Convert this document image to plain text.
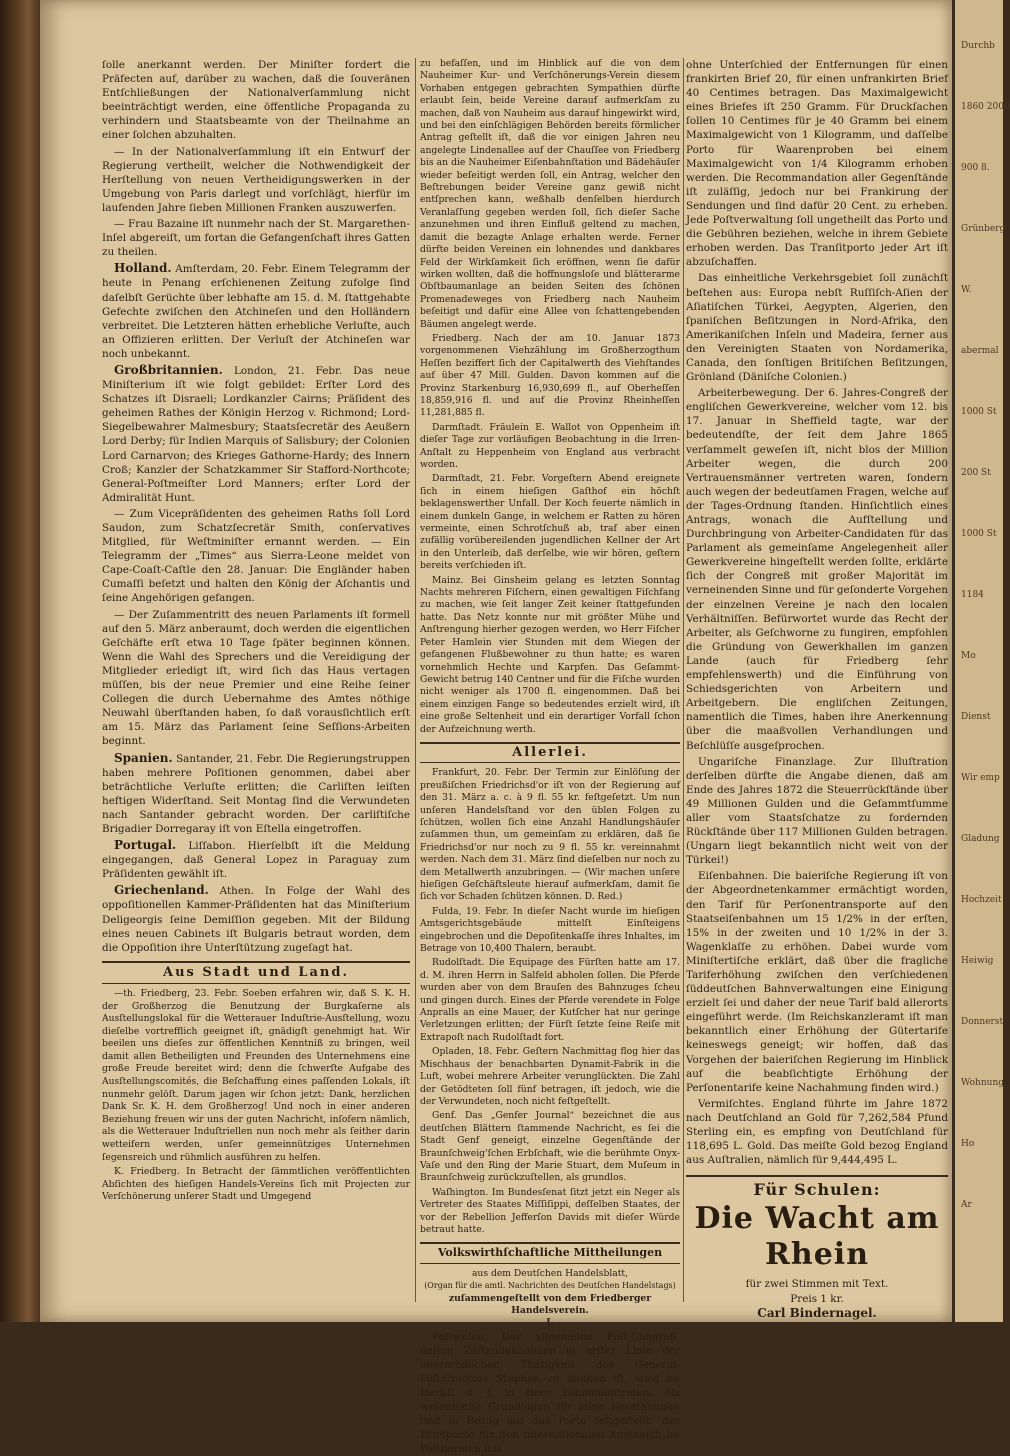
ſolle anerkannt werden. Der Miniſter fordert die Präfecten auf, darüber zu wachen, daß die ſouveränen Entſchließungen der Nationalverſammlung nicht beeinträchtigt werden, eine öffentliche Propaganda zu verhindern und Staatsbeamte von der Theilnahme an einer ſolchen abzuhalten.

— In der Nationalverſammlung iſt ein Entwurf der Regierung vertheilt, welcher die Nothwendigkeit der Herſtellung von neuen Vertheidigungswerken in der Umgebung von Paris darlegt und vorſchlägt, hierfür im laufenden Jahre ſieben Millionen Franken auszuwerfen.

— Frau Bazaine iſt nunmehr nach der St. Margarethen-Inſel abgereiſt, um fortan die Gefangenſchaft ihres Gatten zu theilen.

Holland. Amſterdam, 20. Febr. Einem Telegramm der heute in Penang erſchienenen Zeitung zufolge ſind daſelbſt Gerüchte über lebhafte am 15. d. M. ſtattgehabte Gefechte zwiſchen den Atchineſen und den Holländern verbreitet. Die Letzteren hätten erhebliche Verluſte, auch an Offizieren erlitten. Der Verluſt der Atchineſen war noch unbekannt.

Großbritannien. London, 21. Febr. Das neue Miniſterium iſt wie folgt gebildet: Erſter Lord des Schatzes iſt Disraeli; Lordkanzler Cairns; Präſident des geheimen Rathes der Königin Herzog v. Richmond; Lord-Siegelbewahrer Malmesbury; Staatsſecretär des Aeußern Lord Derby; für Indien Marquis of Salisbury; der Colonien Lord Carnarvon; des Krieges Gathorne-Hardy; des Innern Croß; Kanzler der Schatzkammer Sir Stafford-Northcote; General-Poſtmeiſter Lord Manners; erſter Lord der Admiralität Hunt.

— Zum Vicepräſidenten des geheimen Raths ſoll Lord Saudon, zum Schatzſecretär Smith, conſervatives Mitglied, für Weſtminiſter ernannt werden. — Ein Telegramm der „Times“ aus Sierra-Leone meldet von Cape-Coaſt-Caſtle den 28. Januar: Die Engländer haben Cumaſſi beſetzt und halten den König der Aſchantis und ſeine Angehörigen gefangen.

— Der Zuſammentritt des neuen Parlaments iſt formell auf den 5. März anberaumt, doch werden die eigentlichen Geſchäfte erſt etwa 10 Tage ſpäter beginnen können. Wenn die Wahl des Sprechers und die Vereidigung der Mitglieder erledigt iſt, wird ſich das Haus vertagen müſſen, bis der neue Premier und eine Reihe ſeiner Collegen die durch Uebernahme des Amtes nöthige Neuwahl überſtanden haben, ſo daß vorausſichtlich erſt am 15. März das Parlament ſeine Seſſions-Arbeiten beginnt.

Spanien. Santander, 21. Febr. Die Regierungstruppen haben mehrere Poſitionen genommen, dabei aber beträchtliche Verluſte erlitten; die Carliſten leiſten heftigen Widerſtand. Seit Montag ſind die Verwundeten nach Santander gebracht worden. Der carliſtiſche Brigadier Dorregaray iſt von Eſtella eingetroffen.

Portugal. Liſſabon. Hierſelbſt iſt die Meldung eingegangen, daß General Lopez in Paraguay zum Präſidenten gewählt iſt.

Griechenland. Athen. In Folge der Wahl des oppoſitionellen Kammer-Präſidenten hat das Miniſterium Deligeorgis ſeine Demiſſion gegeben. Mit der Bildung eines neuen Cabinets iſt Bulgaris betraut worden, dem die Oppoſition ihre Unterſtützung zugeſagt hat.

Aus Stadt und Land.

—th. Friedberg, 23. Febr. Soeben erfahren wir, daß S. K. H. der Großherzog die Benutzung der Burgkaſerne als Ausſtellungslokal für die Wetterauer Induſtrie-Ausſtellung, wozu dieſelbe vortrefflich geeignet iſt, gnädigſt genehmigt hat. Wir beeilen uns dieſes zur öffentlichen Kenntniß zu bringen, weil damit allen Betheiligten und Freunden des Unternehmens eine große Freude bereitet wird; denn die ſchwerſte Aufgabe des Ausſtellungscomités, die Beſchaffung eines paſſenden Lokals, iſt nunmehr gelöſt. Darum jagen wir ſchon jetzt: Dank, herzlichen Dank Sr. K. H. dem Großherzog! Und noch in einer anderen Beziehung freuen wir uns der guten Nachricht, inſofern nämlich, als die Wetterauer Induſtriellen nun noch mehr als ſeither darin wetteifern werden, unſer gemeinnütziges Unternehmen ſegensreich und rühmlich ausführen zu helfen.

K. Friedberg. In Betracht der ſämmtlichen veröffentlichten Abſichten des hieſigen Handels-Vereins ſich mit Projecten zur Verſchönerung unſerer Stadt und Umgegend

zu befaſſen, und im Hinblick auf die von dem Nauheimer Kur- und Verſchönerungs-Verein diesem Vorhaben entgegen gebrachten Sympathien dürfte erlaubt ſein, beide Vereine darauf aufmerkſam zu machen, daß von Nauheim aus darauf hingewirkt wird, und bei den einſchlägigen Behörden bereits förmlicher Antrag geſtellt iſt, daß die vor einigen Jahren neu angelegte Lindenallee auf der Chauſſee von Friedberg bis an die Nauheimer Eiſenbahnſtation und Bädehäuſer wieder beſeitigt werden ſoll, ein Antrag, welcher den Beſtrebungen beider Vereine ganz gewiß nicht entſprechen kann, weßhalb denſelben hierdurch Veranlaſſung gegeben werden ſoll, ſich dieſer Sache anzunehmen und ihren Einfluß geltend zu machen, damit die bezagte Anlage erhalten werde. Ferner dürfte beiden Vereinen ein lohnendes und dankbares Feld der Wirkſamkeit ſich eröffnen, wenn ſie dafür wirken wollten, daß die hoffnungsloſe und blätterarme Obſtbaumanlage an beiden Seiten des ſchönen Promenadeweges von Friedberg nach Nauheim beſeitigt und dafür eine Allee von ſchattengebenden Bäumen angelegt werde.

Friedberg. Nach der am 10. Januar 1873 vorgenommenen Viehzählung im Großherzogthum Heſſen beziffert ſich der Capitalwerth des Viehſtandes auf über 47 Mill. Gulden. Davon kommen auf die Provinz Starkenburg 16,930,699 fl., auf Oberheſſen 18,859,916 fl. und auf die Provinz Rheinheſſen 11,281,885 fl.

Darmſtadt. Fräulein E. Wallot von Oppenheim iſt dieſer Tage zur vorläufigen Beobachtung in die Irren-Anſtalt zu Heppenheim von England aus verbracht worden.

Darmſtadt, 21. Febr. Vorgeſtern Abend ereignete ſich in einem hieſigen Gaſthof ein höchſt beklagenswerther Unfall. Der Koch feuerte nämlich in einem dunkeln Gange, in welchem er Ratten zu hören vermeinte, einen Schrotſchuß ab, traf aber einen zufällig vorübereilenden jugendlichen Kellner der Art in den Unterleib, daß derſelbe, wie wir hören, geſtern bereits verſchieden iſt.

Mainz. Bei Ginsheim gelang es letzten Sonntag Nachts mehreren Fiſchern, einen gewaltigen Fiſchfang zu machen, wie ſeit langer Zeit keiner ſtattgefunden hatte. Das Netz konnte nur mit größter Mühe und Anſtrengung hierher gezogen werden, wo Herr Fiſcher Peter Hamlein vier Stunden mit dem Wiegen der gefangenen Flußbewohner zu thun hatte; es waren vornehmlich Hechte und Karpfen. Das Geſammt-Gewicht betrug 140 Centner und für die Fiſche wurden nicht weniger als 1700 fl. eingenommen. Daß bei einem einzigen Fange so bedeutendes erzielt wird, iſt eine große Seltenheit und ein derartiger Vorfall ſchon der Aufzeichnung werth.

Allerlei.

Frankfurt, 20. Febr. Der Termin zur Einlöſung der preußiſchen Friedrichsd'or iſt von der Regierung auf den 31. März a. c. à 9 fl. 55 kr. feſtgeſetzt. Um nun unſeren Handelsſtand vor den üblen Folgen zu ſchützen, wollen ſich eine Anzahl Handlungshäuſer zuſammen thun, um gemeinſam zu erklären, daß ſie Friedrichsd'or nur noch zu 9 fl. 55 kr. vereinnahmt werden. Nach dem 31. März ſind dieſelben nur noch zu dem Metallwerth anzubringen. — (Wir machen unſere hieſigen Geſchäftsleute hierauf aufmerkſam, damit ſie ſich vor Schaden ſchützen können. D. Red.)

Fulda, 19. Febr. In dieſer Nacht wurde im hieſigen Amtsgerichtsgebäude mittelſt Einſteigens eingebrochen und die Depoſitenkaſſe ihres Inhaltes, im Betrage von 10,400 Thalern, beraubt.

Rudolſtadt. Die Equipage des Fürſten hatte am 17. d. M. ihren Herrn in Salfeld abholen ſollen. Die Pferde wurden aber von dem Brauſen des Bahnzuges ſcheu und gingen durch. Eines der Pferde verendete in Folge Anpralls an eine Mauer, der Kutſcher hat nur geringe Verletzungen erlitten; der Fürſt ſetzte ſeine Reiſe mit Extrapoſt nach Rudolſtadt fort.

Opladen, 18. Febr. Geſtern Nachmittag flog hier das Mischhaus der benachbarten Dynamit-Fabrik in die Luft, wobei mehrere Arbeiter verunglückten. Die Zahl der Getödteten ſoll fünf betragen, iſt jedoch, wie die der Verwundeten, noch nicht feſtgeſtellt.

Genf. Das „Genfer Journal“ bezeichnet die aus deutſchen Blättern ſtammende Nachricht, es ſei die Stadt Genf geneigt, einzelne Gegenſtände der Braunſchweig'ſchen Erbſchaft, wie die berühmte Onyx-Vaſe und den Ring der Marie Stuart, dem Muſeum in Braunſchweig zurückzuſtellen, als grundlos.

Waſhington. Im Bundesſenat ſitzt jetzt ein Neger als Vertreter des Staates Miſſiſippi, deſſelben Staates, der vor der Rebellion Jefferſon Davids mit dieſer Würde betraut hatte.

Volkswirthſchaftliche Mittheilungen
aus dem Deutſchen Handelsblatt,
(Organ für die amtl. Nachrichten des Deutſchen Handelstags)
zuſammengeſtellt von dem Friedberger Handelsverein.
I.

Poſtweſen. Der allgemeine Poſt-Congreß, deſſen Zuſtandekommen in erſter Linie der unermüdlichen Thätigkeit des General-Poſtdirectors Stephan zu danken iſt, wird im Herbſt d. J. in Bern zuſammentreten. Als weſentliche Grundlagen für ſeine Berathungen ſind in Bezug auf das Porto feſtgeſtellt: das Briefporto für den internationalen Austauſch im Poſtbereich ſoll

ohne Unterſchied der Entfernungen für einen frankirten Brief 20, für einen unfrankirten Brief 40 Centimes betragen. Das Maximalgewicht eines Briefes iſt 250 Gramm. Für Druckſachen ſollen 10 Centimes für je 40 Gramm bei einem Maximalgewicht von 1 Kilogramm, und daſſelbe Porto für Waarenproben bei einem Maximalgewicht von 1/4 Kilogramm erhoben werden. Die Recommandation aller Gegenſtände iſt zuläſſig, jedoch nur bei Frankirung der Sendungen und ſind dafür 20 Cent. zu erheben. Jede Poſtverwaltung ſoll ungetheilt das Porto und die Gebühren beziehen, welche in ihrem Gebiete erhoben werden. Das Tranſitporto jeder Art iſt abzuſchaffen.

Das einheitliche Verkehrsgebiet ſoll zunächſt beſtehen aus: Europa nebſt Ruſſiſch-Aſien der Aſiatiſchen Türkei, Aegypten, Algerien, den ſpaniſchen Beſitzungen in Nord-Afrika, den Amerikaniſchen Inſeln und Madeira, ferner aus den Vereinigten Staaten von Nordamerika, Canada, den ſonſtigen Britiſchen Beſitzungen, Grönland (Däniſche Colonien.)

Arbeiterbewegung. Der 6. Jahres-Congreß der engliſchen Gewerkvereine, welcher vom 12. bis 17. Januar in Sheffield tagte, war der bedeutendſte, der ſeit dem Jahre 1865 verſammelt geweſen iſt, nicht blos der Million Arbeiter wegen, die durch 200 Vertrauensmänner vertreten waren, ſondern auch wegen der bedeutſamen Fragen, welche auf der Tages-Ordnung ſtanden. Hinſichtlich eines Antrags, wonach die Aufſtellung und Durchbringung von Arbeiter-Candidaten für das Parlament als gemeinſame Angelegenheit aller Gewerkvereine hingeſtellt werden ſollte, erklärte ſich der Congreß mit großer Majorität im verneinenden Sinne und für geſonderte Vorgehen der einzelnen Vereine je nach den localen Verhältniſſen. Befürwortet wurde das Recht der Arbeiter, als Geſchworne zu fungiren, empfohlen die Gründung von Gewerkhallen im ganzen Lande (auch für Friedberg ſehr empfehlenswerth) und die Einführung von Schiedsgerichten von Arbeitern und Arbeitgebern. Die engliſchen Zeitungen, namentlich die Times, haben ihre Anerkennung über die maaßvollen Verhandlungen und Beſchlüſſe ausgeſprochen.

Ungariſche Finanzlage. Zur Illuſtration derſelben dürfte die Angabe dienen, daß am Ende des Jahres 1872 die Steuerrückſtände über 49 Millionen Gulden und die Geſammtſumme aller vom Staatsſchatze zu fordernden Rückſtände über 117 Millionen Gulden betragen. (Ungarn liegt bekanntlich nicht weit von der Türkei!)

Eiſenbahnen. Die baieriſche Regierung iſt von der Abgeordnetenkammer ermächtigt worden, den Tarif für Perſonentransporte auf den Staatseiſenbahnen um 15 1/2% in der erſten, 15% in der zweiten und 10 1/2% in der 3. Wagenklaſſe zu erhöhen. Dabei wurde vom Miniſtertiſche erklärt, daß über die fragliche Tariferhöhung zwiſchen den verſchiedenen ſüddeutſchen Bahnverwaltungen eine Einigung erzielt ſei und daher der neue Tarif bald allerorts eingeführt werde. (Im Reichskanzleramt iſt man bekanntlich einer Erhöhung der Gütertarife keineswegs geneigt; wir hoffen, daß das Vorgehen der baieriſchen Regierung im Hinblick auf die beabſichtigte Erhöhung der Perſonentarife keine Nachahmung finden wird.)

Vermiſchtes. England führte im Jahre 1872 nach Deutſchland an Gold für 7,262,584 Pfund Sterling ein, es empfing von Deutſchland für 118,695 L. Gold. Das meiſte Gold bezog England aus Auſtralien, nämlich für 9,444,495 L.

Für Schulen:
Die Wacht am Rhein
für zwei Stimmen mit Text.
Preis 1 kr.
Carl Bindernagel.
Durchb
1860 2000
900 8.
Grünberg
W.
abermal
1000 St
200 St
1000 St
1184
Mo
Dienst
Wir emp
Gladung
Hochzeit
Heiwig
Donnerst
Wohnung
Ho
Ar
